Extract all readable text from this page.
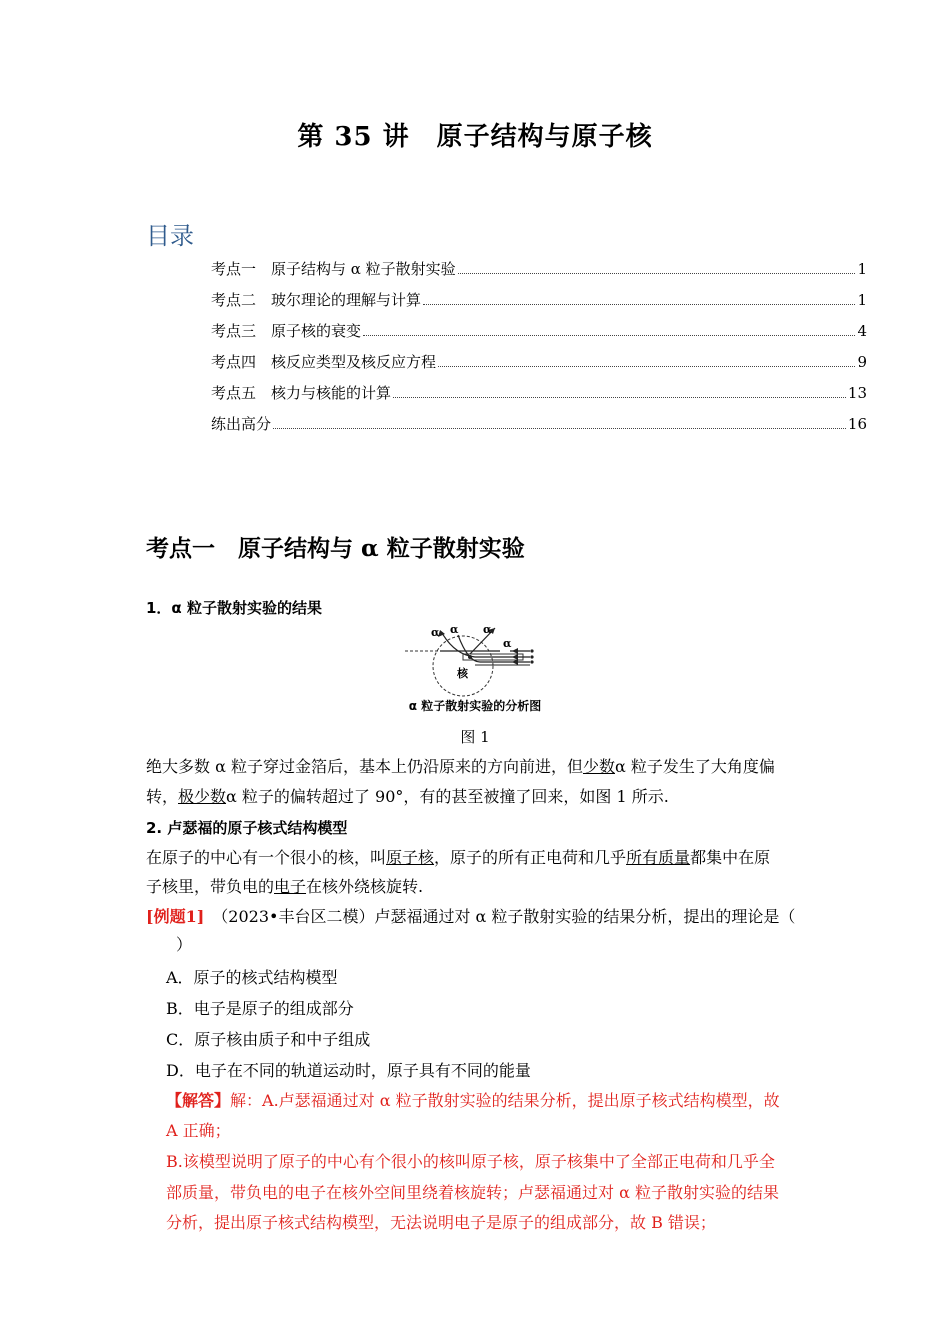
第 35 讲　原子结构与原子核
目录
考点一　原子结构与 α 粒子散射实验	1
考点二　玻尔理论的理解与计算	1
考点三　原子核的衰变	4
考点四　核反应类型及核反应方程	9
考点五　核力与核能的计算	13
练出高分	16
考点一　原子结构与 α 粒子散射实验
1．α 粒子散射实验的结果
α α α
α
核
α 粒子散射实验的分析图
图 1
绝大多数 α 粒子穿过金箔后，基本上仍沿原来的方向前进，但少数α 粒子发生了大角度偏
转，极少数α 粒子的偏转超过了 90°，有的甚至被撞了回来，如图 1 所示.
2. 卢瑟福的原子核式结构模型
在原子的中心有一个很小的核，叫原子核，原子的所有正电荷和几乎所有质量都集中在原
子核里，带负电的电子在核外绕核旋转.
[例题1]　（2023•丰台区二模）卢瑟福通过对 α 粒子散射实验的结果分析，提出的理论是（
）
A．原子的核式结构模型
B．电子是原子的组成部分
C．原子核由质子和中子组成
D．电子在不同的轨道运动时，原子具有不同的能量
【解答】解：A.卢瑟福通过对 α 粒子散射实验的结果分析，提出原子核式结构模型，故
A 正确；
B.该模型说明了原子的中心有个很小的核叫原子核，原子核集中了全部正电荷和几乎全
部质量，带负电的电子在核外空间里绕着核旋转；卢瑟福通过对 α 粒子散射实验的结果
分析，提出原子核式结构模型，无法说明电子是原子的组成部分，故 B 错误；
